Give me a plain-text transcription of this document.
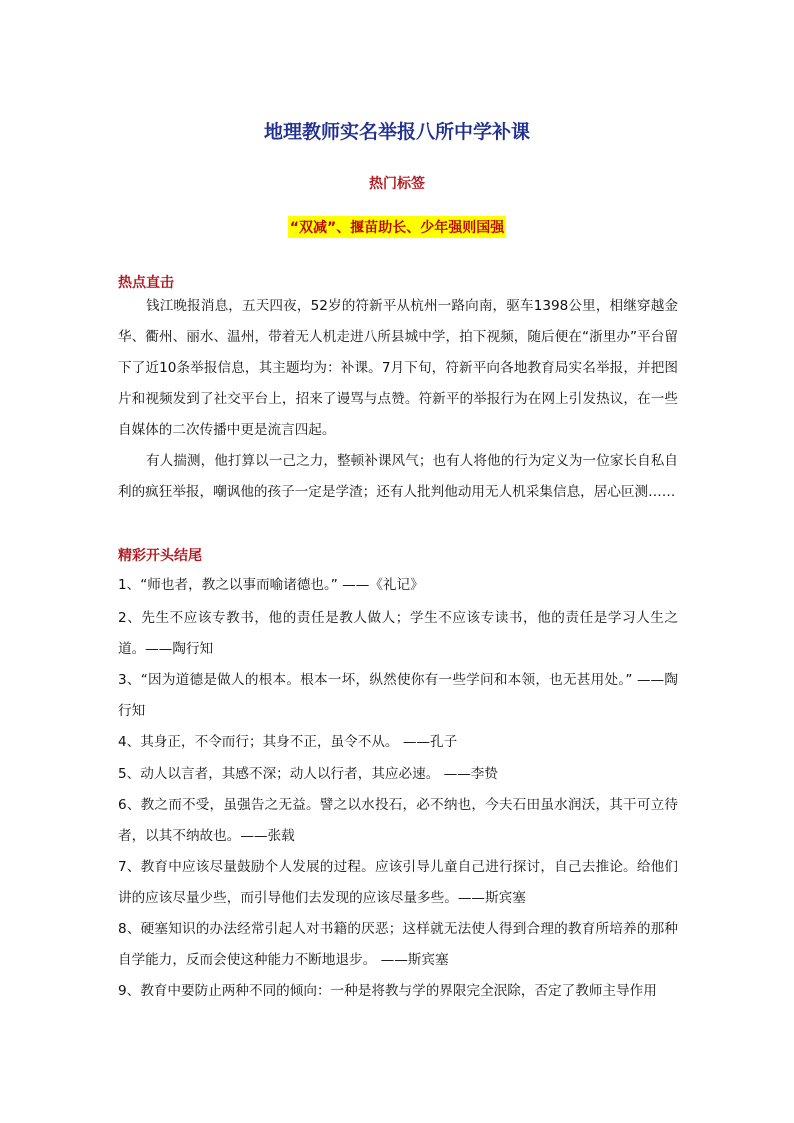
地理教师实名举报八所中学补课

热门标签

“双减”、揠苗助长、少年强则国强

热点直击

钱江晚报消息，五天四夜，52岁的符新平从杭州一路向南，驱车1398公里，相继穿越金华、衢州、丽水、温州，带着无人机走进八所县城中学，拍下视频，随后便在“浙里办”平台留下了近10条举报信息，其主题均为：补课。7月下旬，符新平向各地教育局实名举报，并把图片和视频发到了社交平台上，招来了谩骂与点赞。符新平的举报行为在网上引发热议，在一些自媒体的二次传播中更是流言四起。

有人揣测，他打算以一己之力，整顿补课风气；也有人将他的行为定义为一位家长自私自利的疯狂举报，嘲讽他的孩子一定是学渣；还有人批判他动用无人机采集信息，居心叵测……

精彩开头结尾

1、“师也者，教之以事而喻诸德也。” ——《礼记》

2、先生不应该专教书，他的责任是教人做人；学生不应该专读书，他的责任是学习人生之道。——陶行知

3、“因为道德是做人的根本。根本一坏，纵然使你有一些学问和本领，也无甚用处。” ——陶行知

4、其身正，不令而行；其身不正，虽令不从。 ——孔子

5、动人以言者，其感不深；动人以行者，其应必速。 ——李贽

6、教之而不受，虽强告之无益。譬之以水投石，必不纳也，今夫石田虽水润沃，其干可立待者，以其不纳故也。——张载

7、教育中应该尽量鼓励个人发展的过程。应该引导儿童自己进行探讨，自己去推论。给他们讲的应该尽量少些，而引导他们去发现的应该尽量多些。——斯宾塞

8、硬塞知识的办法经常引起人对书籍的厌恶；这样就无法使人得到合理的教育所培养的那种自学能力，反而会使这种能力不断地退步。 ——斯宾塞

9、教育中要防止两种不同的倾向：一种是将教与学的界限完全泯除，否定了教师主导作用
